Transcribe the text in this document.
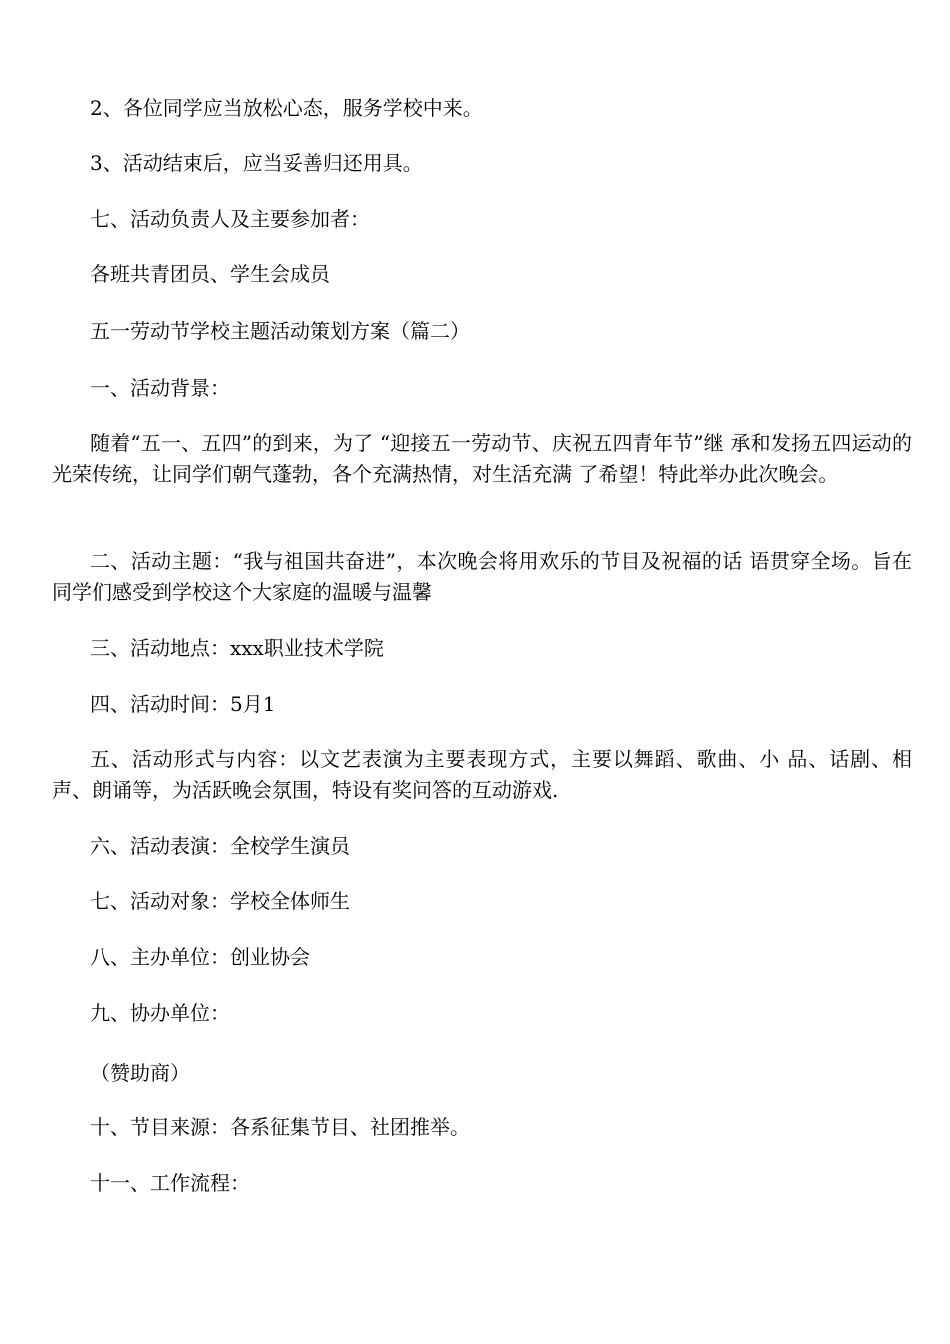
2、各位同学应当放松心态，服务学校中来。
3、活动结束后，应当妥善归还用具。
七、活动负责人及主要参加者：
各班共青团员、学生会成员
五一劳动节学校主题活动策划方案（篇二）
一、活动背景：
随着“五一、五四”的到来，为了 “迎接五一劳动节、庆祝五四青年节”继 承和发扬五四运动的光荣传统，让同学们朝气蓬勃，各个充满热情，对生活充满 了希望！特此举办此次晚会。
二、活动主题：“我与祖国共奋进”，本次晚会将用欢乐的节目及祝福的话 语贯穿全场。旨在同学们感受到学校这个大家庭的温暖与温馨
三、活动地点：xxx职业技术学院
四、活动时间：5月1
五、活动形式与内容：以文艺表演为主要表现方式，主要以舞蹈、歌曲、小 品、话剧、相声、朗诵等，为活跃晚会氛围，特设有奖问答的互动游戏.
六、活动表演：全校学生演员
七、活动对象：学校全体师生
八、主办单位：创业协会
九、协办单位：
（赞助商）
十、节目来源：各系征集节目、社团推举。
十一、工作流程：
